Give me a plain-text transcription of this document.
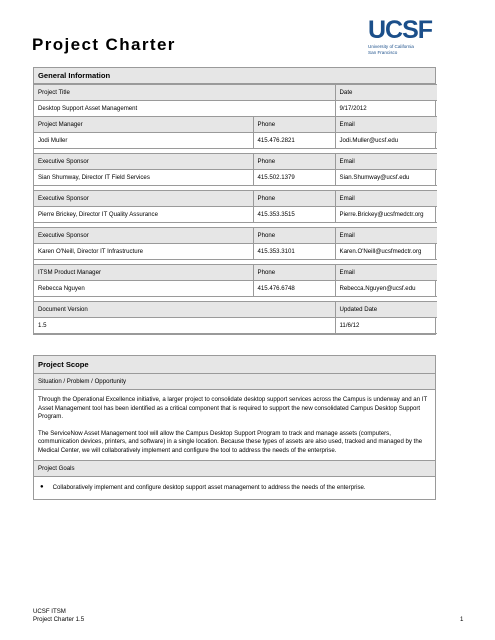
Project Charter
UCSF
University of California
San Francisco
General Information
Project Title		Date
Desktop Support Asset Management		9/17/2012
Project Manager	Phone	Email
Jodi Muller	415.476.2821	Jodi.Muller@ucsf.edu

Executive Sponsor	Phone	Email
Sian Shumway, Director IT Field Services	415.502.1379	Sian.Shumway@ucsf.edu

Executive Sponsor	Phone	Email
Pierre Brickey, Director IT Quality Assurance	415.353.3515	Pierre.Brickey@ucsfmedctr.org

Executive Sponsor	Phone	Email
Karen O'Neill, Director IT Infrastructure	415.353.3101	Karen.O'Neill@ucsfmedctr.org

ITSM Product Manager	Phone	Email
Rebecca Nguyen	415.476.6748	Rebecca.Nguyen@ucsf.edu

Document Version		Updated Date
1.5		11/6/12
Project Scope
Situation / Problem / Opportunity

Through the Operational Excellence initiative, a larger project to consolidate desktop support services across the Campus is underway and an IT Asset Management tool has been identified as a critical component that is required to support the new consolidated Campus Desktop Support Program.

The ServiceNow Asset Management tool will allow the Campus Desktop Support Program to track and manage assets (computers, communication devices, printers, and software) in a single location. Because these types of assets are also used, tracked and managed by the Medical Center, we will collaboratively implement and configure the tool to address the needs of the enterprise.

Project Goals
● Collaboratively implement and configure desktop support asset management to address the needs of the enterprise.
UCSF ITSM
Project Charter 1.5	1
